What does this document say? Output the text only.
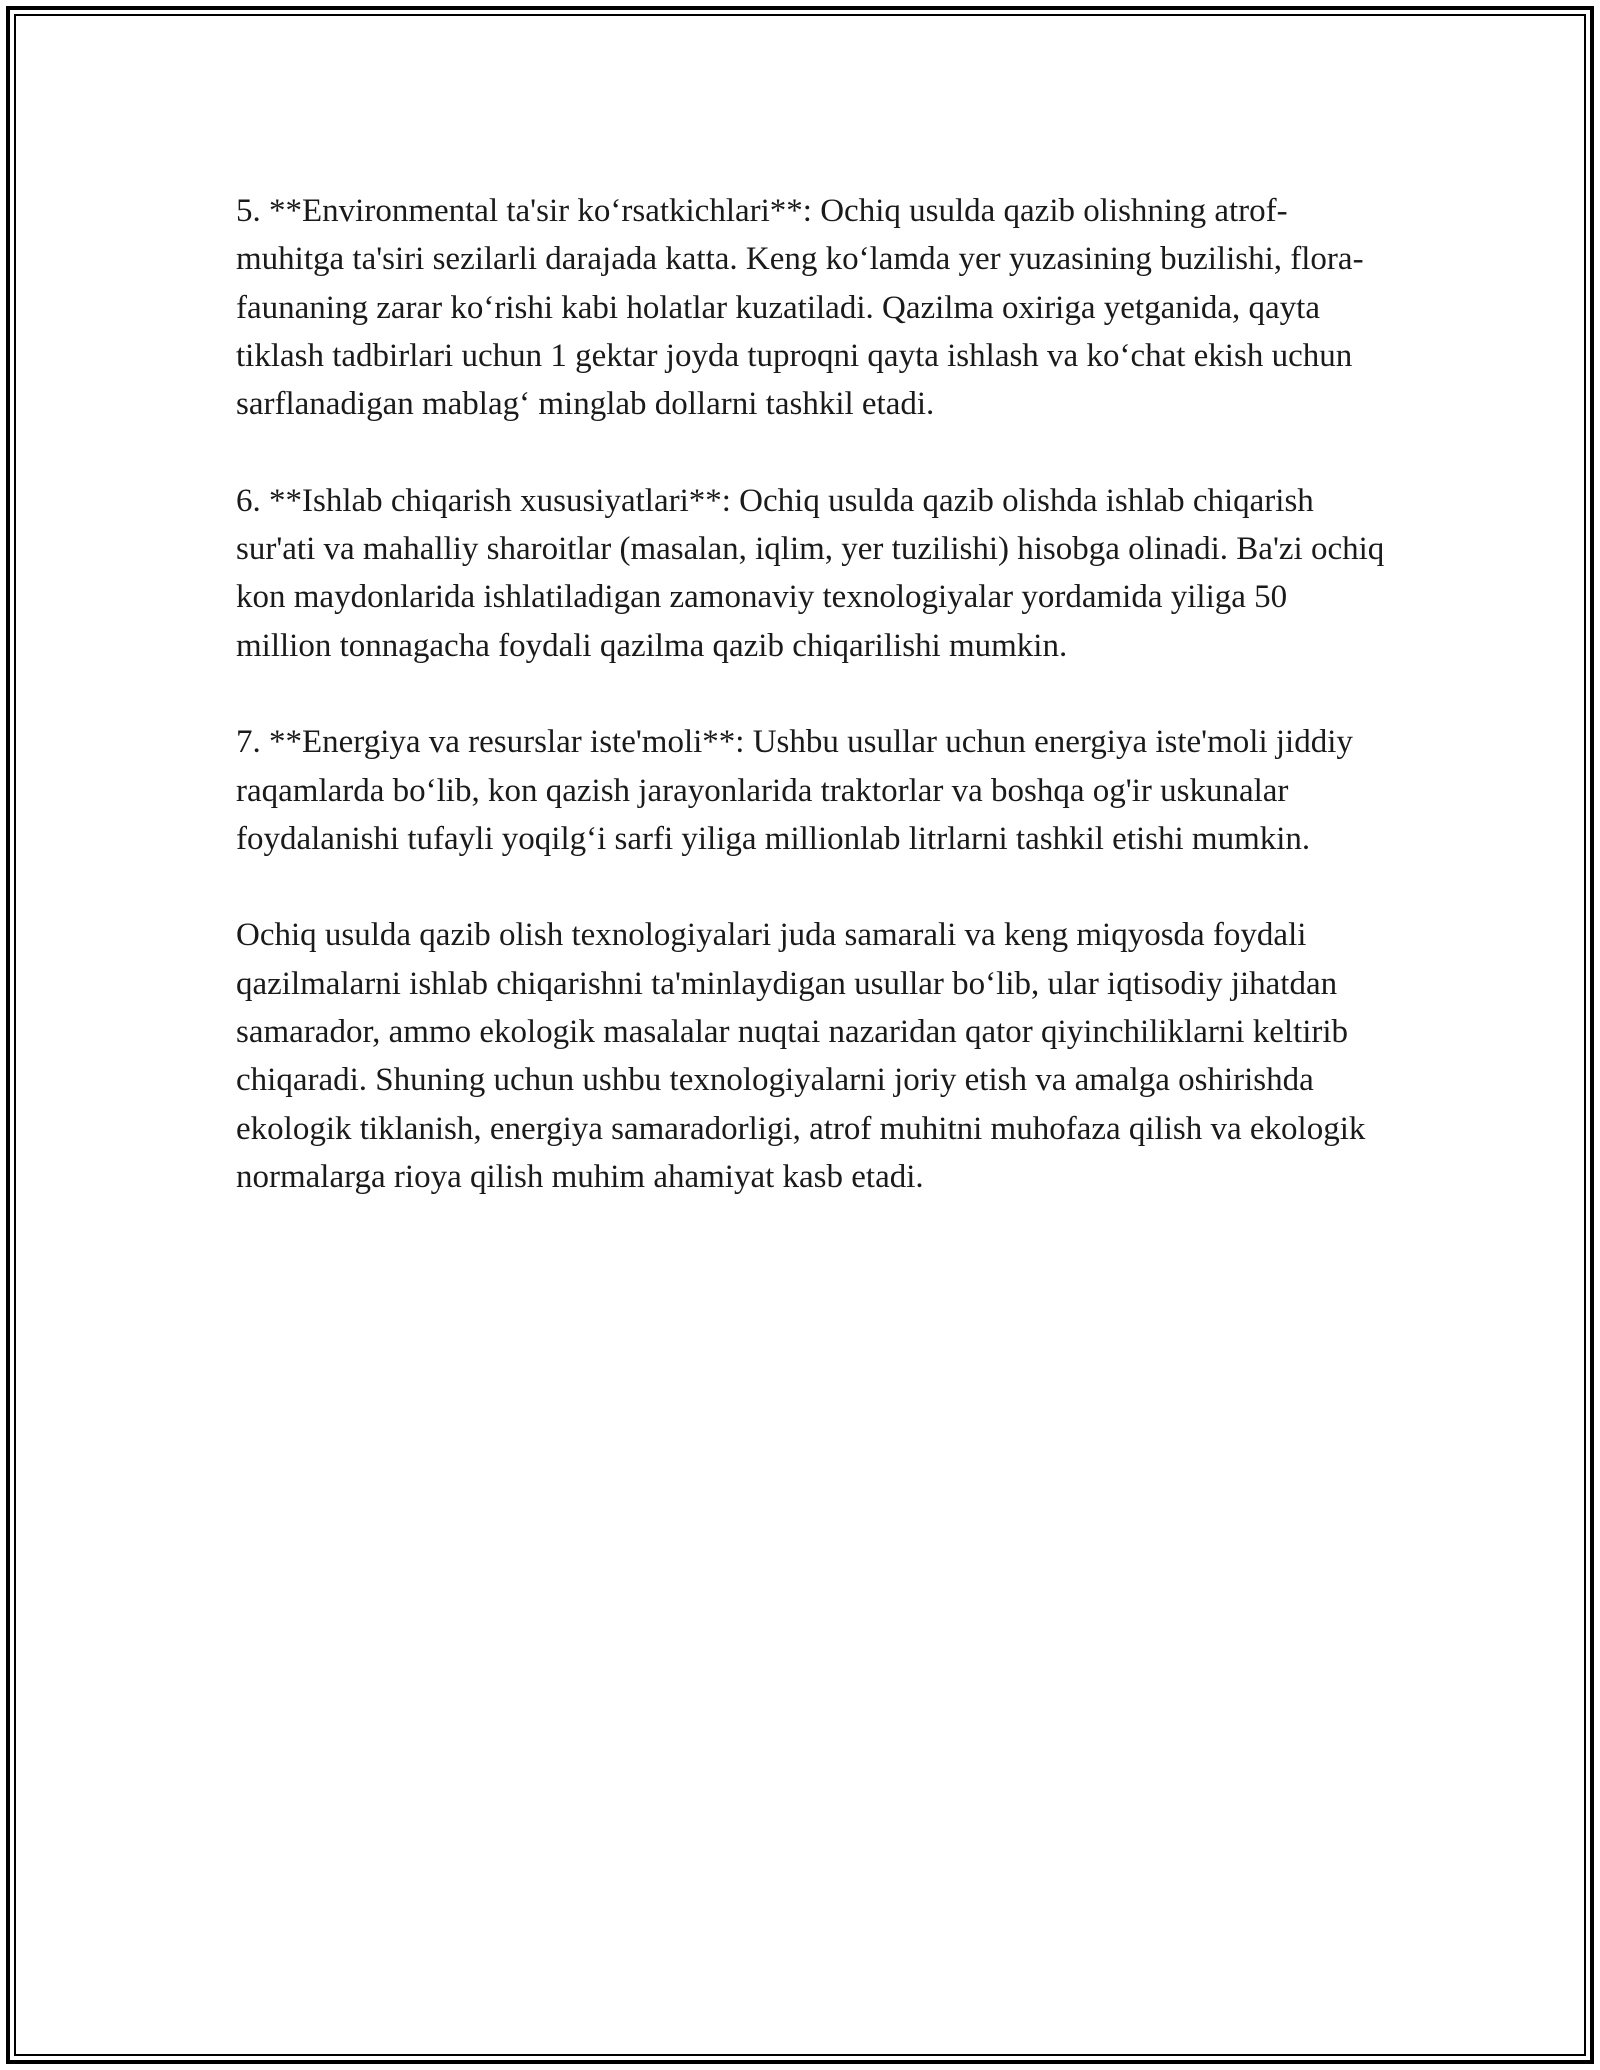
5. **Environmental ta'sir ko‘rsatkichlari**: Ochiq usulda qazib olishning atrof-muhitga ta'siri sezilarli darajada katta. Keng ko‘lamda yer yuzasining buzilishi, flora-faunaning zarar ko‘rishi kabi holatlar kuzatiladi. Qazilma oxiriga yetganida, qayta tiklash tadbirlari uchun 1 gektar joyda tuproqni qayta ishlash va ko‘chat ekish uchun sarflanadigan mablag‘ minglab dollarni tashkil etadi.

6. **Ishlab chiqarish xususiyatlari**: Ochiq usulda qazib olishda ishlab chiqarish sur'ati va mahalliy sharoitlar (masalan, iqlim, yer tuzilishi) hisobga olinadi. Ba'zi ochiq kon maydonlarida ishlatiladigan zamonaviy texnologiyalar yordamida yiliga 50 million tonnagacha foydali qazilma qazib chiqarilishi mumkin.

7. **Energiya va resurslar iste'moli**: Ushbu usullar uchun energiya iste'moli jiddiy raqamlarda bo‘lib, kon qazish jarayonlarida traktorlar va boshqa og'ir uskunalar foydalanishi tufayli yoqilg‘i sarfi yiliga millionlab litrlarni tashkil etishi mumkin.

Ochiq usulda qazib olish texnologiyalari juda samarali va keng miqyosda foydali qazilmalarni ishlab chiqarishni ta'minlaydigan usullar bo‘lib, ular iqtisodiy jihatdan samarador, ammo ekologik masalalar nuqtai nazaridan qator qiyinchiliklarni keltirib chiqaradi. Shuning uchun ushbu texnologiyalarni joriy etish va amalga oshirishda ekologik tiklanish, energiya samaradorligi, atrof muhitni muhofaza qilish va ekologik normalarga rioya qilish muhim ahamiyat kasb etadi.
